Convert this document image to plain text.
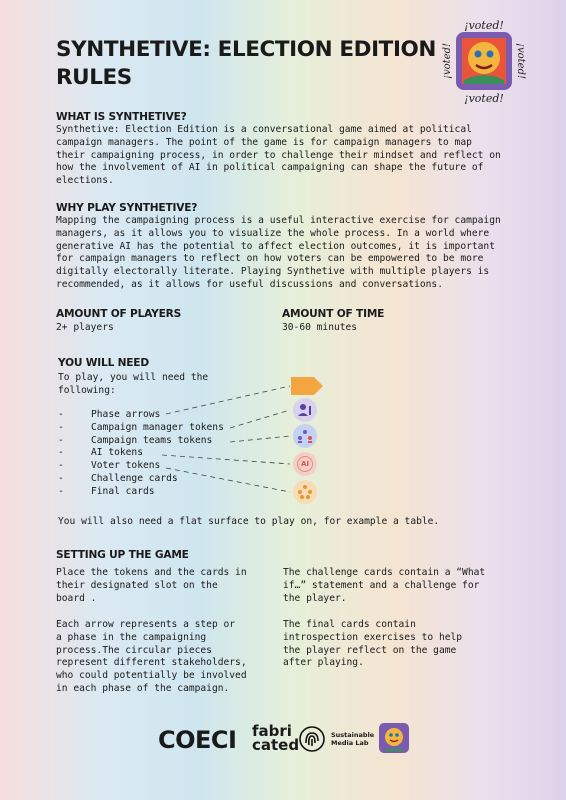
SYNTHETIVE: ELECTION EDITION RULES
¡voted!
¡voted!
¡voted!	¡voted!
WHAT IS SYNTHETIVE?
Synthetive: Election Edition is a conversational game aimed at political
campaign managers. The point of the game is for campaign managers to map
their campaigning process, in order to challenge their mindset and reflect on
how the involvement of AI in political campaigning can shape the future of
elections.
WHY PLAY SYNTHETIVE?
Mapping the campaigning process is a useful interactive exercise for campaign
managers, as it allows you to visualize the whole process. In a world where
generative AI has the potential to affect election outcomes, it is important
for campaign managers to reflect on how voters can be empowered to be more
digitally electorally literate. Playing Synthetive with multiple players is
recommended, as it allows for useful discussions and conversations.
AMOUNT OF PLAYERS
2+ players
AMOUNT OF TIME
30-60 minutes
YOU WILL NEED
To play, you will need the
following:
-	Phase arrows
-	Campaign manager tokens
-	Campaign teams tokens
-	AI tokens
-	Voter tokens
-	Challenge cards
-	Final cards
AI
You will also need a flat surface to play on, for example a table.
SETTING UP THE GAME
Place the tokens and the cards in
their designated slot on the
board .
Each arrow represents a step or
a phase in the campaigning
process.The circular pieces
represent different stakeholders,
who could potentially be involved
in each phase of the campaign.
The challenge cards contain a “What
if…” statement and a challenge for
the player.
The final cards contain
introspection exercises to help
the player reflect on the game
after playing.
COECI fabri
cated
Sustainable
Media Lab
